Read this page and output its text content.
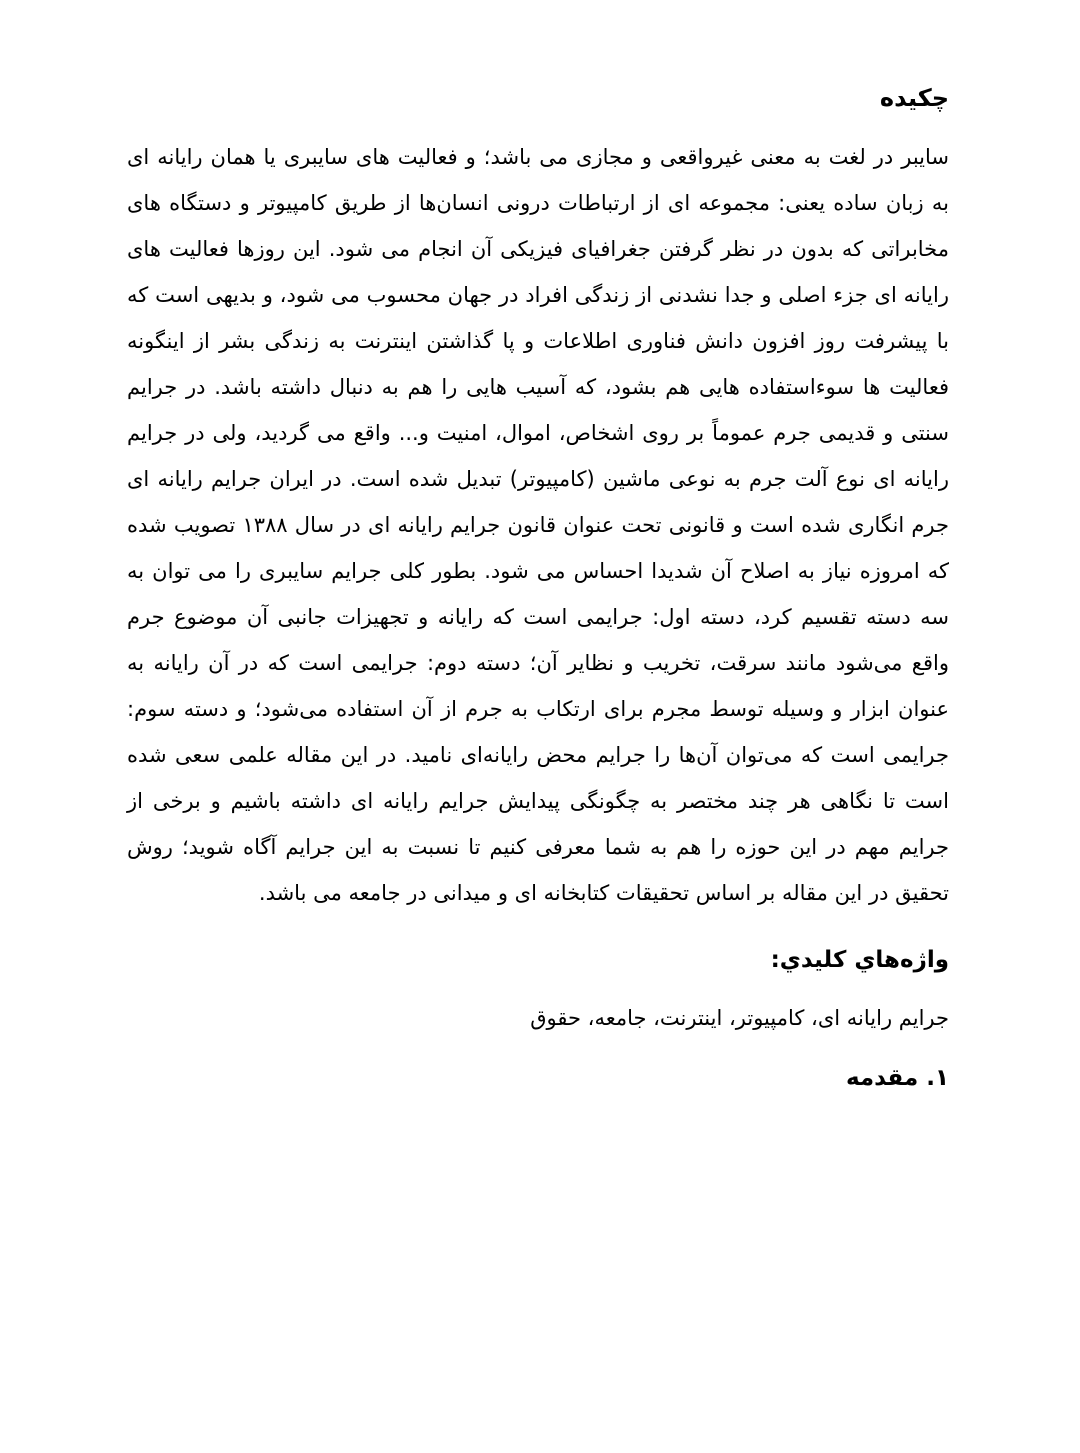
چکیده

سایبر در لغت به معنی غیرواقعی و مجازی می باشد؛ و فعالیت های سایبری یا همان رایانه ای به زبان ساده یعنی: مجموعه ای از ارتباطات درونی انسان‌ها از طریق کامپیوتر و دستگاه های مخابراتی که بدون در نظر گرفتن جغرافیای فیزیکی آن انجام می شود. این روزها فعالیت های رایانه ای جزء اصلی و جدا نشدنی از زندگی افراد در جهان محسوب می شود، و بدیهی است که با پیشرفت روز افزون دانش فناوری اطلاعات و پا گذاشتن اینترنت به زندگی بشر از اینگونه فعالیت ها سوءاستفاده هایی هم بشود، که آسیب هایی را هم به دنبال داشته باشد. در جرایم سنتی و قدیمی جرم عموماً بر روی اشخاص، اموال، امنیت و... واقع می گردید، ولی در جرایم رایانه ای نوع آلت جرم به نوعی ماشین (کامپیوتر) تبدیل شده است. در ایران جرایم رایانه ای جرم انگاری شده است و قانونی تحت عنوان قانون جرایم رایانه ای در سال ۱۳۸۸ تصویب شده که امروزه نیاز به اصلاح آن شدیدا احساس می شود. بطور کلی جرایم سایبری را می توان به سه دسته تقسیم کرد، دسته اول: جرایمی است که رایانه و تجهیزات جانبی آن موضوع جرم واقع می‌شود مانند سرقت، تخریب و نظایر آن؛ دسته دوم: جرایمی است که در آن رایانه به عنوان ابزار و وسیله توسط مجرم برای ارتکاب به جرم از آن استفاده می‌شود؛ و دسته سوم: جرایمی است که می‌توان آن‌ها را جرایم محض رایانه‌ای نامید. در این مقاله علمی سعی شده است تا نگاهی هر چند مختصر به چگونگی پیدایش جرایم رایانه ای داشته باشیم و برخی از جرایم مهم در این حوزه را هم به شما معرفی کنیم تا نسبت به این جرایم آگاه شوید؛ روش تحقیق در این مقاله بر اساس تحقیقات کتابخانه ای و میدانی در جامعه می باشد.

واژه‌هاي كليدي:

جرایم رایانه ای، کامپیوتر، اینترنت، جامعه، حقوق

۱. مقدمه
